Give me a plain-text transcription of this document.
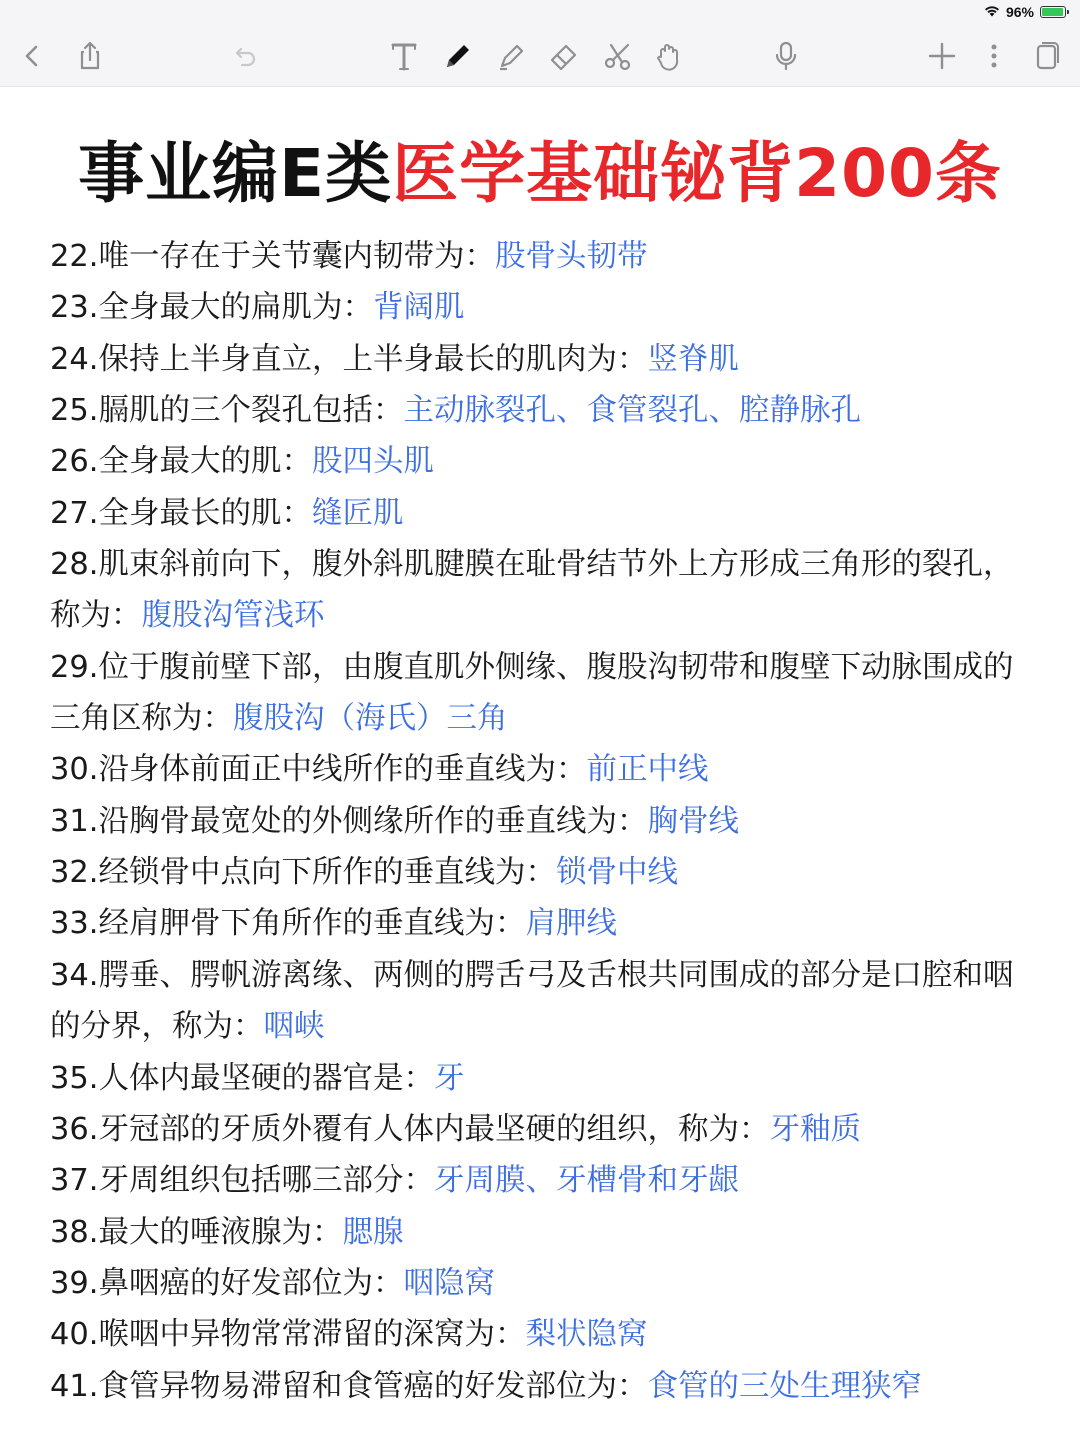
96%
事业编E类医学基础铋背200条

22.唯一存在于关节囊内韧带为：股骨头韧带

23.全身最大的扁肌为：背阔肌

24.保持上半身直立，上半身最长的肌肉为：竖脊肌

25.膈肌的三个裂孔包括：主动脉裂孔、食管裂孔、腔静脉孔

26.全身最大的肌：股四头肌

27.全身最长的肌：缝匠肌

28.肌束斜前向下，腹外斜肌腱膜在耻骨结节外上方形成三角形的裂孔，称为：腹股沟管浅环

29.位于腹前壁下部，由腹直肌外侧缘、腹股沟韧带和腹壁下动脉围成的三角区称为：腹股沟（海氏）三角

30.沿身体前面正中线所作的垂直线为：前正中线

31.沿胸骨最宽处的外侧缘所作的垂直线为：胸骨线

32.经锁骨中点向下所作的垂直线为：锁骨中线

33.经肩胛骨下角所作的垂直线为：肩胛线

34.腭垂、腭帆游离缘、两侧的腭舌弓及舌根共同围成的部分是口腔和咽的分界，称为：咽峡

35.人体内最坚硬的器官是：牙

36.牙冠部的牙质外覆有人体内最坚硬的组织，称为：牙釉质

37.牙周组织包括哪三部分：牙周膜、牙槽骨和牙龈

38.最大的唾液腺为：腮腺

39.鼻咽癌的好发部位为：咽隐窝

40.喉咽中异物常常滞留的深窝为：梨状隐窝

41.食管异物易滞留和食管癌的好发部位为：食管的三处生理狭窄
